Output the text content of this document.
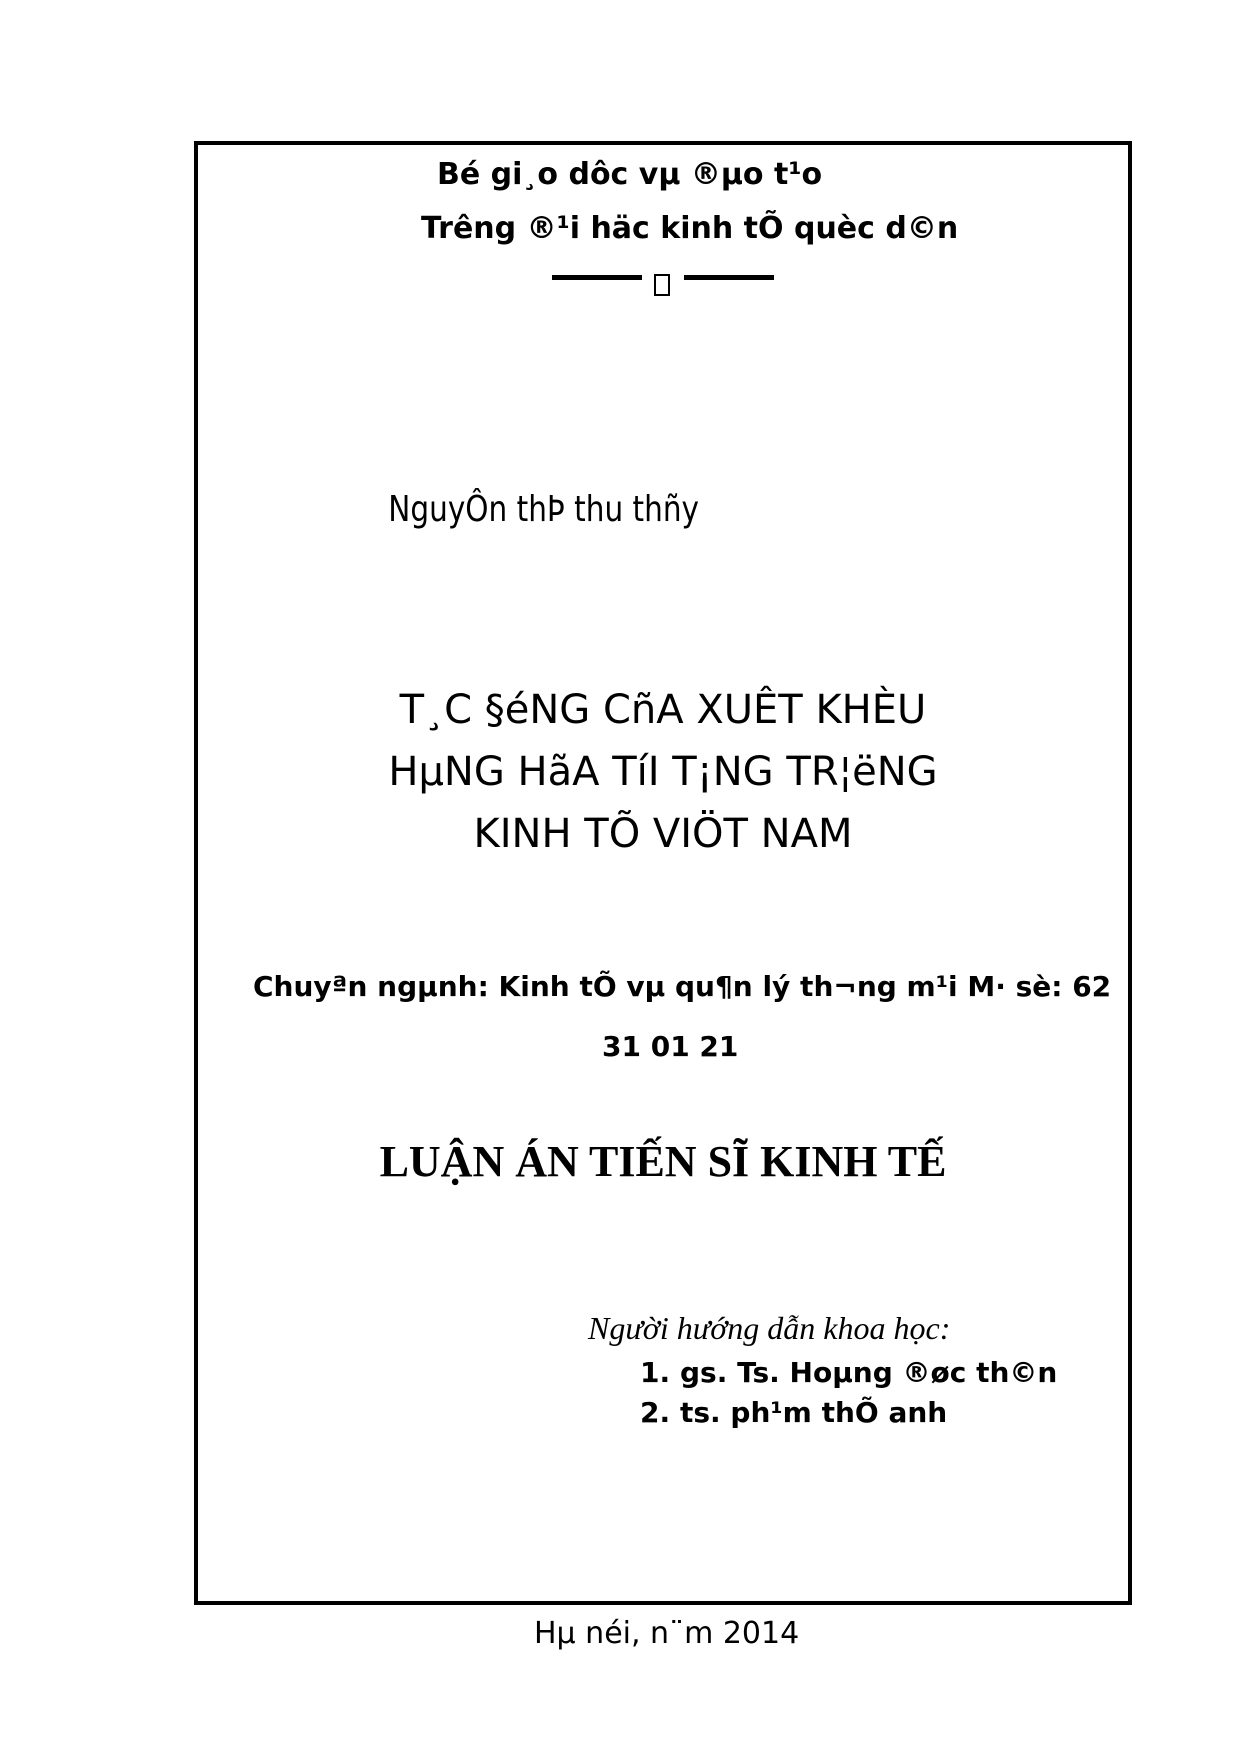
Bé gi¸o dôc vµ ®µo t¹o
Trêng ®¹i häc kinh tÕ quèc d©n
NguyÔn thÞ thu thñy
T¸C §éNG CñA XUÊT KHÈU
HµNG HãA TíI T¡NG TR¦ëNG
KINH TÕ VIÖT NAM
Chuyªn ngµnh: Kinh tÕ vµ qu¶n lý th¬ng m¹i M· sè: 62
31 01 21
LUẬN ÁN TIẾN SĨ KINH TẾ
Người hướng dẫn khoa học:
1. gs. Ts. Hoµng ®øc th©n
2. ts. ph¹m thÕ anh
Hµ néi, n¨m 2014
